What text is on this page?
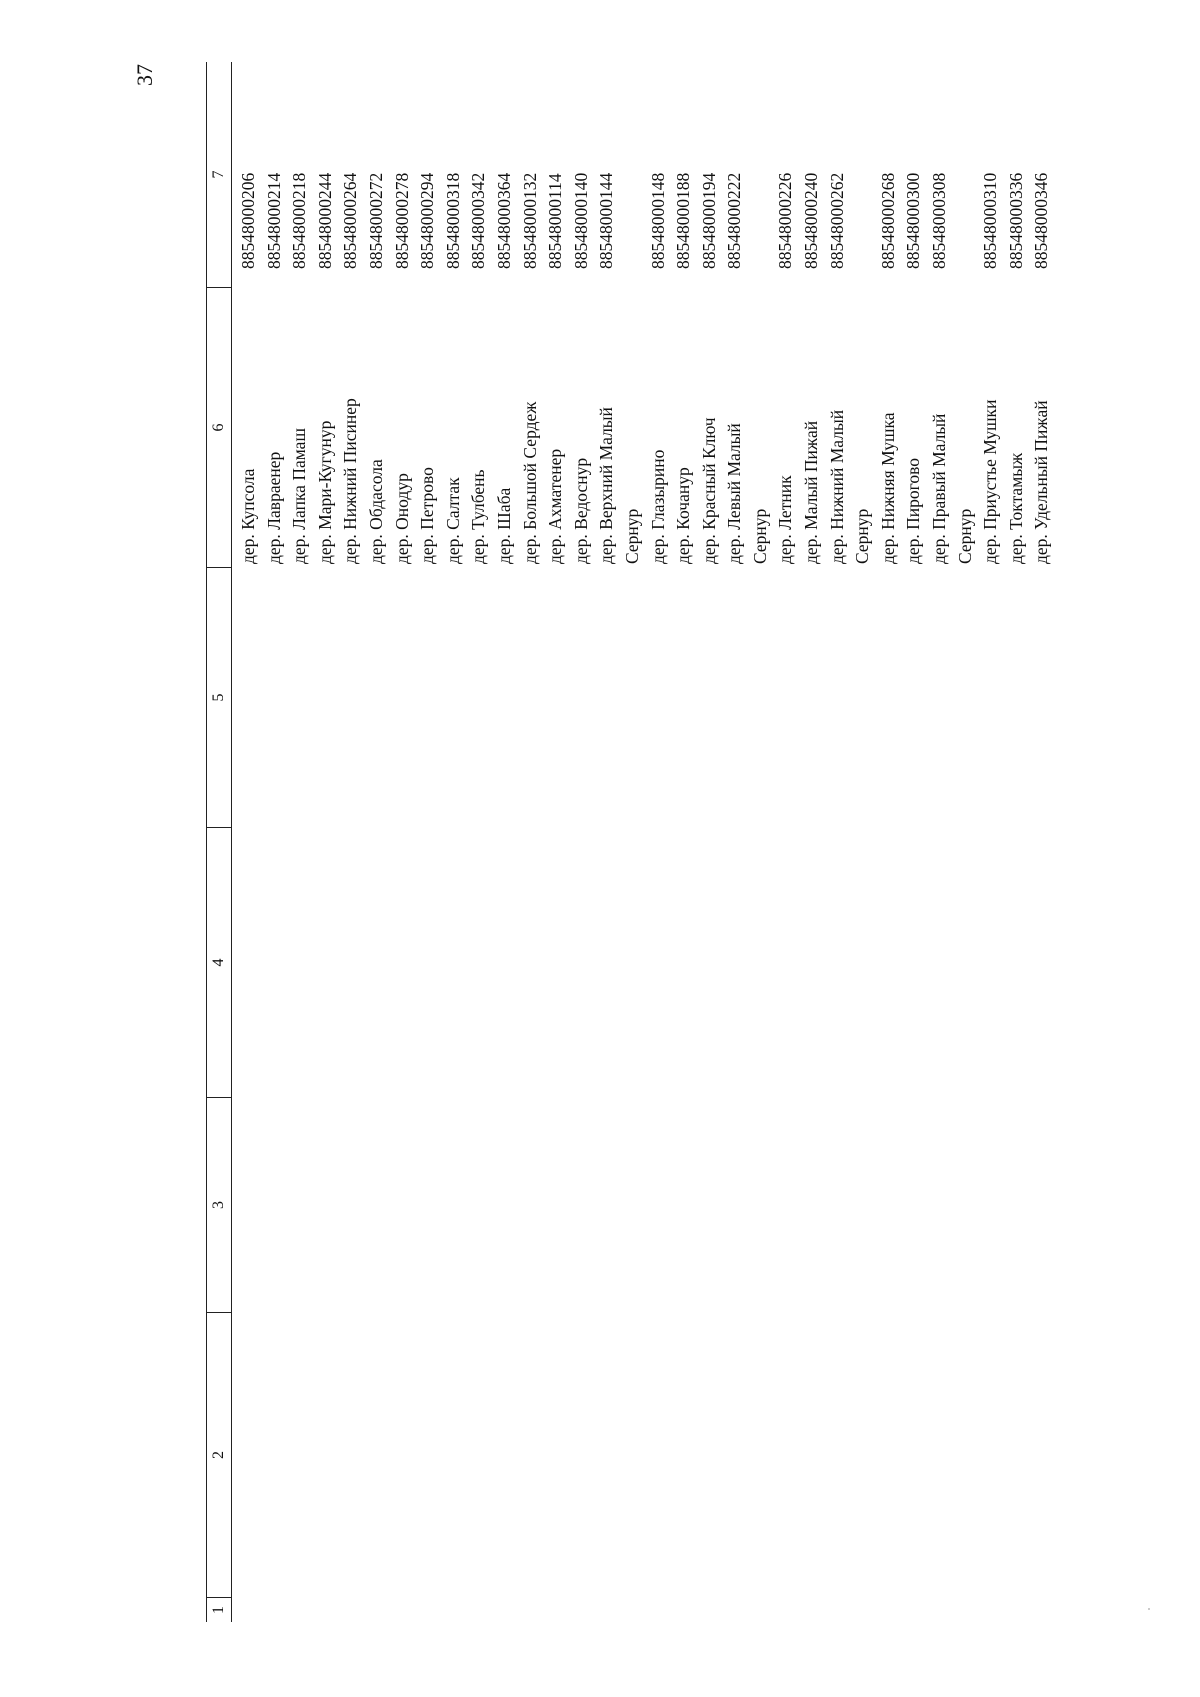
37
1
2
3
4
5
6
7
дер. Купсола дер. Лавраенер дер. Лапка Памаш дер. Мари-Кугунур дер. Нижний Писинер дер. Обдасола дер. Онодур дер. Петрово дер. Салтак дер. Тулбень дер. Шаба дер. Большой Сердеж дер. Ахматенер дер. Ведоснур дер. Верхний Малый Сернур дер. Глазырино дер. Кочанур дер. Красный Ключ дер. Левый Малый Сернур дер. Летник дер. Малый Пижай дер. Нижний Малый Сернур дер. Нижняя Мушка дер. Пирогово дер. Правый Малый Сернур дер. Приустье Мушки дер. Токтамыж дер. Удельный Пижай
88548000206 88548000214 88548000218 88548000244 88548000264 88548000272 88548000278 88548000294 88548000318 88548000342 88548000364 88548000132 88548000114 88548000140 88548000144 88548000148 88548000188 88548000194 88548000222 88548000226 88548000240 88548000262 88548000268 88548000300 88548000308 88548000310 88548000336 88548000346
